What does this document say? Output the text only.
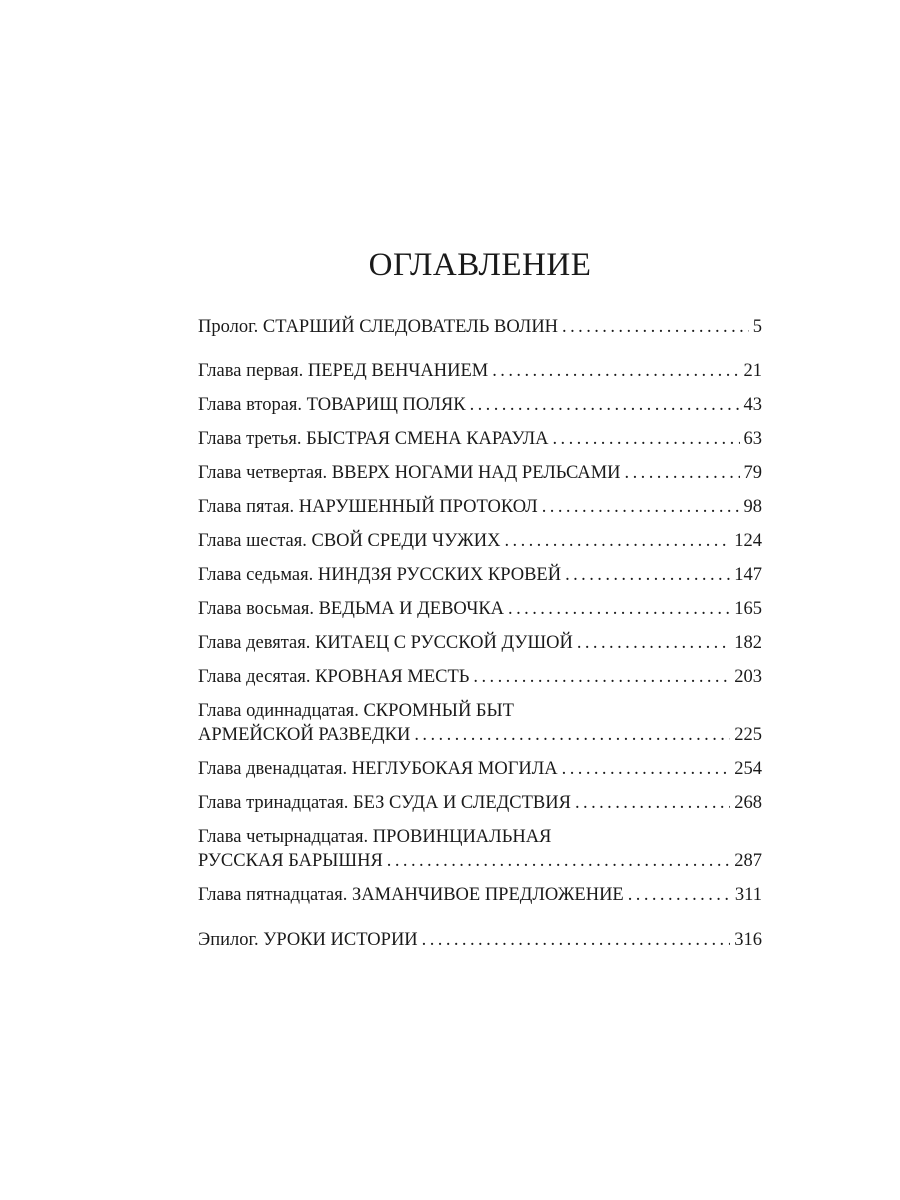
ОГЛАВЛЕНИЕ
Пролог. СТАРШИЙ СЛЕДОВАТЕЛЬ ВОЛИН . . .	5
Глава первая. ПЕРЕД ВЕНЧАНИЕМ . . .	21
Глава вторая. ТОВАРИЩ ПОЛЯК . . .	43
Глава третья. БЫСТРАЯ СМЕНА КАРАУЛА . . .	63
Глава четвертая. ВВЕРХ НОГАМИ НАД РЕЛЬСАМИ . . .	79
Глава пятая. НАРУШЕННЫЙ ПРОТОКОЛ . . .	98
Глава шестая. СВОЙ СРЕДИ ЧУЖИХ . . .	124
Глава седьмая. НИНДЗЯ РУССКИХ КРОВЕЙ . . .	147
Глава восьмая. ВЕДЬМА И ДЕВОЧКА . . .	165
Глава девятая. КИТАЕЦ С РУССКОЙ ДУШОЙ . . .	182
Глава десятая. КРОВНАЯ МЕСТЬ . . .	203
Глава одиннадцатая. СКРОМНЫЙ БЫТ
АРМЕЙСКОЙ РАЗВЕДКИ . . .	225
Глава двенадцатая. НЕГЛУБОКАЯ МОГИЛА . . .	254
Глава тринадцатая. БЕЗ СУДА И СЛЕДСТВИЯ . . .	268
Глава четырнадцатая. ПРОВИНЦИАЛЬНАЯ
РУССКАЯ БАРЫШНЯ . . .	287
Глава пятнадцатая. ЗАМАНЧИВОЕ ПРЕДЛОЖЕНИЕ . . .	311
Эпилог. УРОКИ ИСТОРИИ . . .	316
